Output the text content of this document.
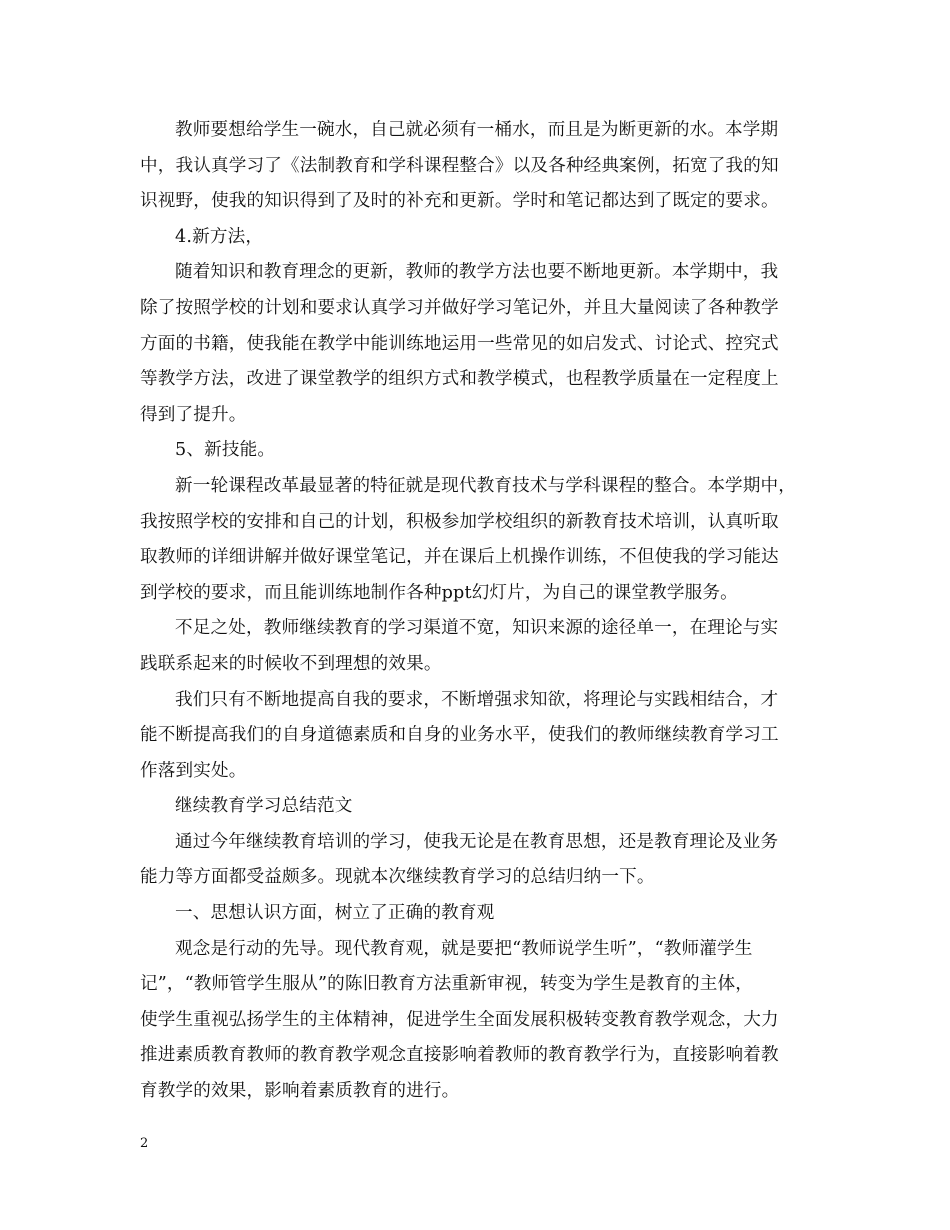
教师要想给学生一碗水，自己就必须有一桶水，而且是为断更新的水。本学期
中，我认真学习了《法制教育和学科课程整合》以及各种经典案例，拓宽了我的知
识视野，使我的知识得到了及时的补充和更新。学时和笔记都达到了既定的要求。
4.新方法，
随着知识和教育理念的更新，教师的教学方法也要不断地更新。本学期中，我
除了按照学校的计划和要求认真学习并做好学习笔记外，并且大量阅读了各种教学
方面的书籍，使我能在教学中能训练地运用一些常见的如启发式、讨论式、控究式
等教学方法，改进了课堂教学的组织方式和教学模式，也程教学质量在一定程度上
得到了提升。
5、新技能。
新一轮课程改革最显著的特征就是现代教育技术与学科课程的整合。本学期中，
我按照学校的安排和自己的计划，积极参加学校组织的新教育技术培训，认真听取
取教师的详细讲解并做好课堂笔记，并在课后上机操作训练，不但使我的学习能达
到学校的要求，而且能训练地制作各种ppt幻灯片，为自己的课堂教学服务。
不足之处，教师继续教育的学习渠道不宽，知识来源的途径单一，在理论与实
践联系起来的时候收不到理想的效果。
我们只有不断地提高自我的要求，不断增强求知欲，将理论与实践相结合，才
能不断提高我们的自身道德素质和自身的业务水平，使我们的教师继续教育学习工
作落到实处。
继续教育学习总结范文
通过今年继续教育培训的学习，使我无论是在教育思想，还是教育理论及业务
能力等方面都受益颇多。现就本次继续教育学习的总结归纳一下。
一、思想认识方面，树立了正确的教育观
观念是行动的先导。现代教育观，就是要把“教师说学生听”，“教师灌学生
记”，“教师管学生服从”的陈旧教育方法重新审视，转变为学生是教育的主体，
使学生重视弘扬学生的主体精神，促进学生全面发展积极转变教育教学观念，大力
推进素质教育教师的教育教学观念直接影响着教师的教育教学行为，直接影响着教
育教学的效果，影响着素质教育的进行。
2
